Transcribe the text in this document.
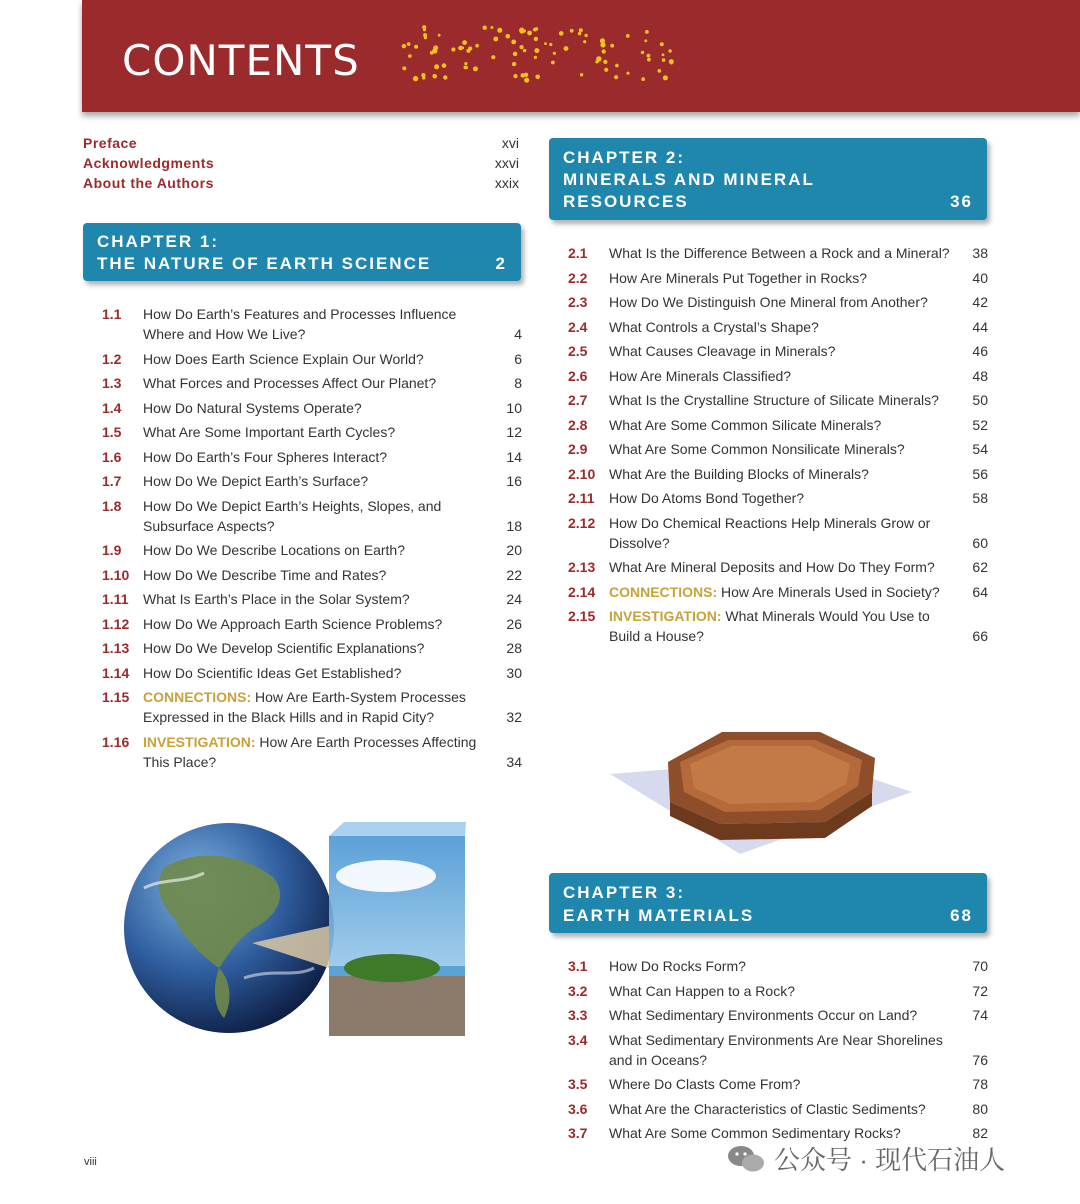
CONTENTS
Preface	xvi
Acknowledgments	xxvi
About the Authors	xxix
CHAPTER 1:
THE NATURE OF EARTH SCIENCE	2
1.1 How Do Earth’s Features and Processes Influence Where and How We Live?	4
1.2 How Does Earth Science Explain Our World?	6
1.3 What Forces and Processes Affect Our Planet?	8
1.4 How Do Natural Systems Operate?	10
1.5 What Are Some Important Earth Cycles?	12
1.6 How Do Earth’s Four Spheres Interact?	14
1.7 How Do We Depict Earth’s Surface?	16
1.8 How Do We Depict Earth’s Heights, Slopes, and Subsurface Aspects?	18
1.9 How Do We Describe Locations on Earth?	20
1.10 How Do We Describe Time and Rates?	22
1.11 What Is Earth’s Place in the Solar System?	24
1.12 How Do We Approach Earth Science Problems?	26
1.13 How Do We Develop Scientific Explanations?	28
1.14 How Do Scientific Ideas Get Established?	30
1.15 CONNECTIONS: How Are Earth-System Processes Expressed in the Black Hills and in Rapid City?	32
1.16 INVESTIGATION: How Are Earth Processes Affecting This Place?	34
CHAPTER 2:
MINERALS AND MINERAL
RESOURCES	36
2.1 What Is the Difference Between a Rock and a Mineral?	38
2.2 How Are Minerals Put Together in Rocks?	40
2.3 How Do We Distinguish One Mineral from Another?	42
2.4 What Controls a Crystal’s Shape?	44
2.5 What Causes Cleavage in Minerals?	46
2.6 How Are Minerals Classified?	48
2.7 What Is the Crystalline Structure of Silicate Minerals?	50
2.8 What Are Some Common Silicate Minerals?	52
2.9 What Are Some Common Nonsilicate Minerals?	54
2.10 What Are the Building Blocks of Minerals?	56
2.11 How Do Atoms Bond Together?	58
2.12 How Do Chemical Reactions Help Minerals Grow or Dissolve?	60
2.13 What Are Mineral Deposits and How Do They Form?	62
2.14 CONNECTIONS: How Are Minerals Used in Society?	64
2.15 INVESTIGATION: What Minerals Would You Use to Build a House?	66
CHAPTER 3:
EARTH MATERIALS	68
3.1 How Do Rocks Form?	70
3.2 What Can Happen to a Rock?	72
3.3 What Sedimentary Environments Occur on Land?	74
3.4 What Sedimentary Environments Are Near Shorelines and in Oceans?	76
3.5 Where Do Clasts Come From?	78
3.6 What Are the Characteristics of Clastic Sediments?	80
3.7 What Are Some Common Sedimentary Rocks?	82
viii	公众号 · 现代石油人
